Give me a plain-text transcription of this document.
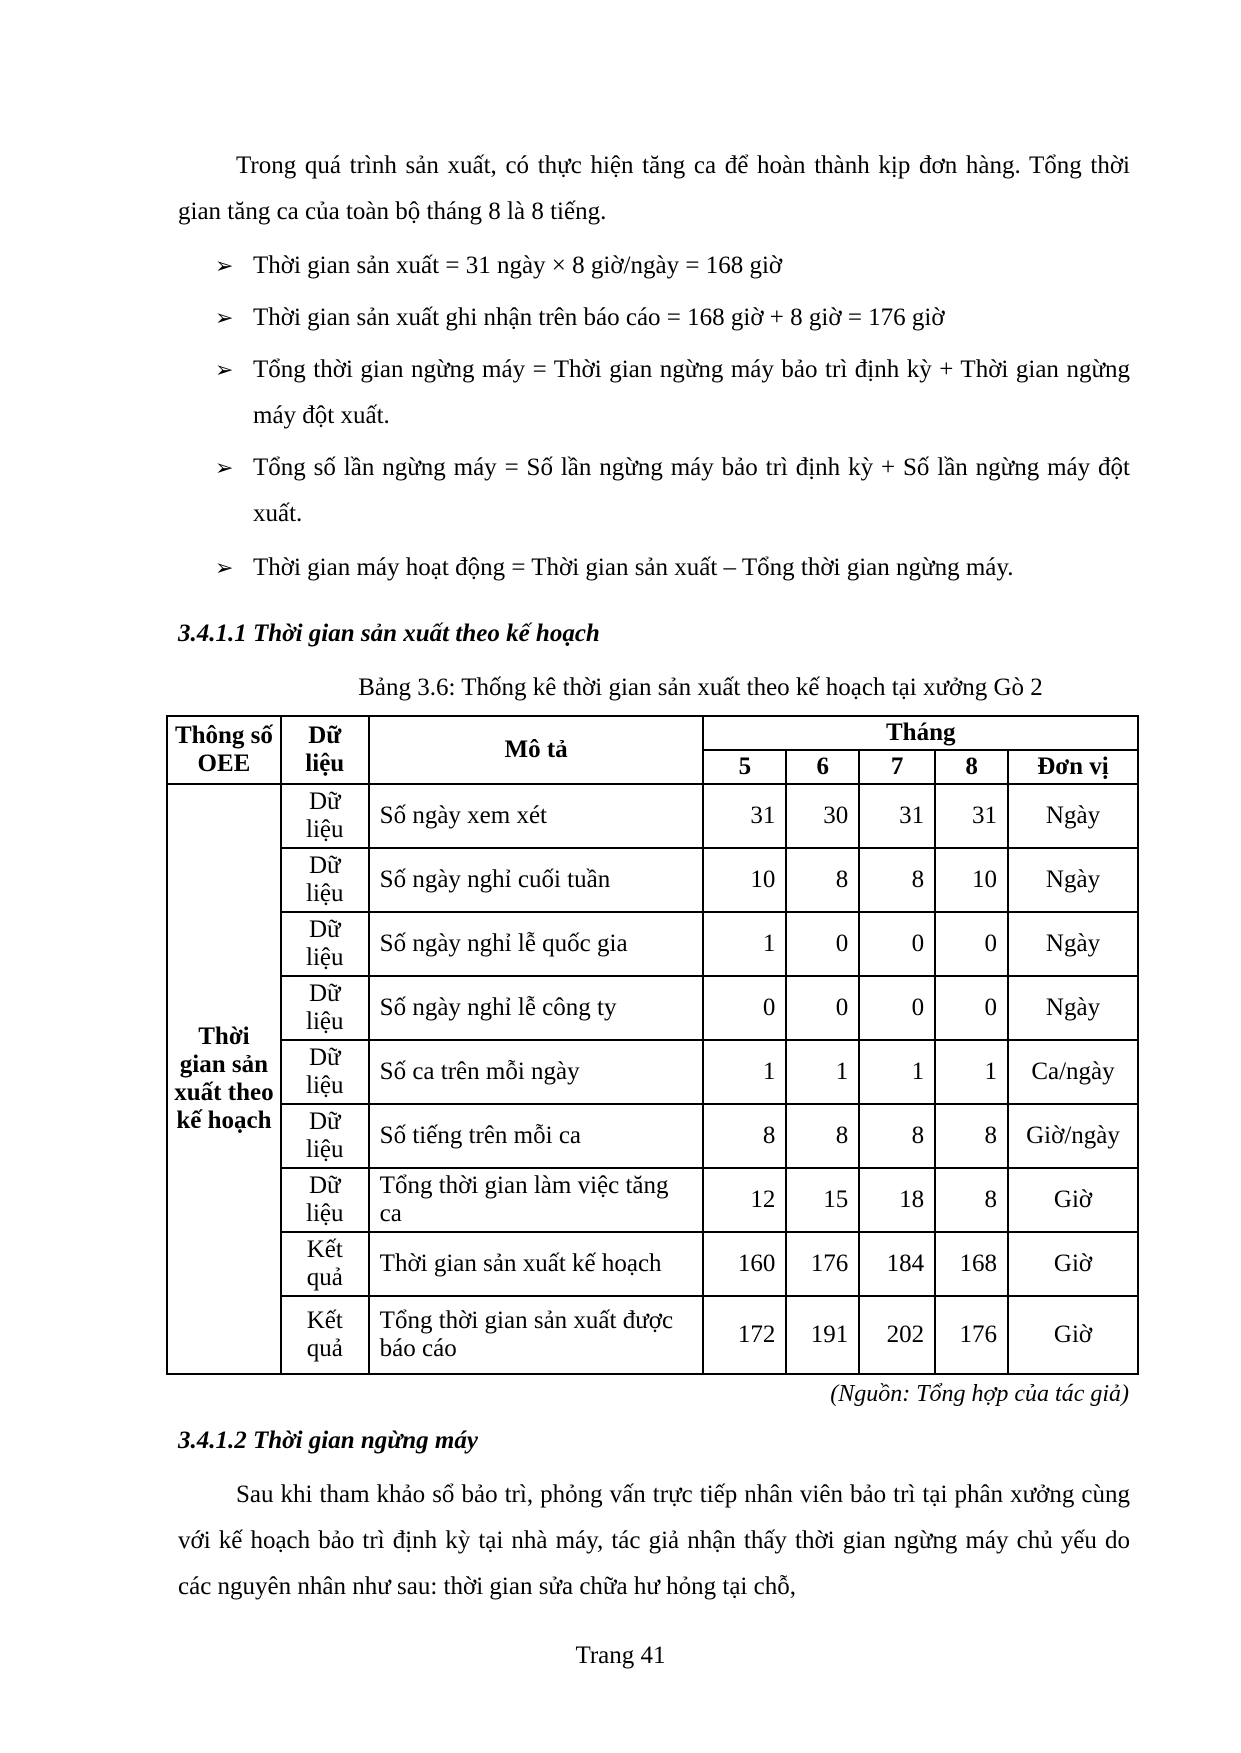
Trong quá trình sản xuất, có thực hiện tăng ca để hoàn thành kịp đơn hàng. Tổng thời gian tăng ca của toàn bộ tháng 8 là 8 tiếng.

➢ Thời gian sản xuất = 31 ngày × 8 giờ/ngày = 168 giờ

➢ Thời gian sản xuất ghi nhận trên báo cáo = 168 giờ + 8 giờ = 176 giờ

➢ Tổng thời gian ngừng máy = Thời gian ngừng máy bảo trì định kỳ + Thời gian ngừng máy đột xuất.

➢ Tổng số lần ngừng máy = Số lần ngừng máy bảo trì định kỳ + Số lần ngừng máy đột xuất.

➢ Thời gian máy hoạt động = Thời gian sản xuất – Tổng thời gian ngừng máy.

3.4.1.1 Thời gian sản xuất theo kế hoạch
Bảng 3.6: Thống kê thời gian sản xuất theo kế hoạch tại xưởng Gò 2
Thông số OEE	Dữ liệu	Mô tả	Tháng				
			5	6	7	8	Đơn vị
Thời gian sản xuất theo kế hoạch	Dữ liệu	Số ngày xem xét	31	30	31	31	Ngày
	Dữ liệu	Số ngày nghỉ cuối tuần	10	8	8	10	Ngày
	Dữ liệu	Số ngày nghỉ lễ quốc gia	1	0	0	0	Ngày
	Dữ liệu	Số ngày nghỉ lễ công ty	0	0	0	0	Ngày
	Dữ liệu	Số ca trên mỗi ngày	1	1	1	1	Ca/ngày
	Dữ liệu	Số tiếng trên mỗi ca	8	8	8	8	Giờ/ngày
	Dữ liệu	Tổng thời gian làm việc tăng ca	12	15	18	8	Giờ
	Kết quả	Thời gian sản xuất kế hoạch	160	176	184	168	Giờ
	Kết quả	Tổng thời gian sản xuất được báo cáo	172	191	202	176	Giờ
(Nguồn: Tổng hợp của tác giả)
3.4.1.2 Thời gian ngừng máy

Sau khi tham khảo sổ bảo trì, phỏng vấn trực tiếp nhân viên bảo trì tại phân xưởng cùng với kế hoạch bảo trì định kỳ tại nhà máy, tác giả nhận thấy thời gian ngừng máy chủ yếu do các nguyên nhân như sau: thời gian sửa chữa hư hỏng tại chỗ,

Trang 41
